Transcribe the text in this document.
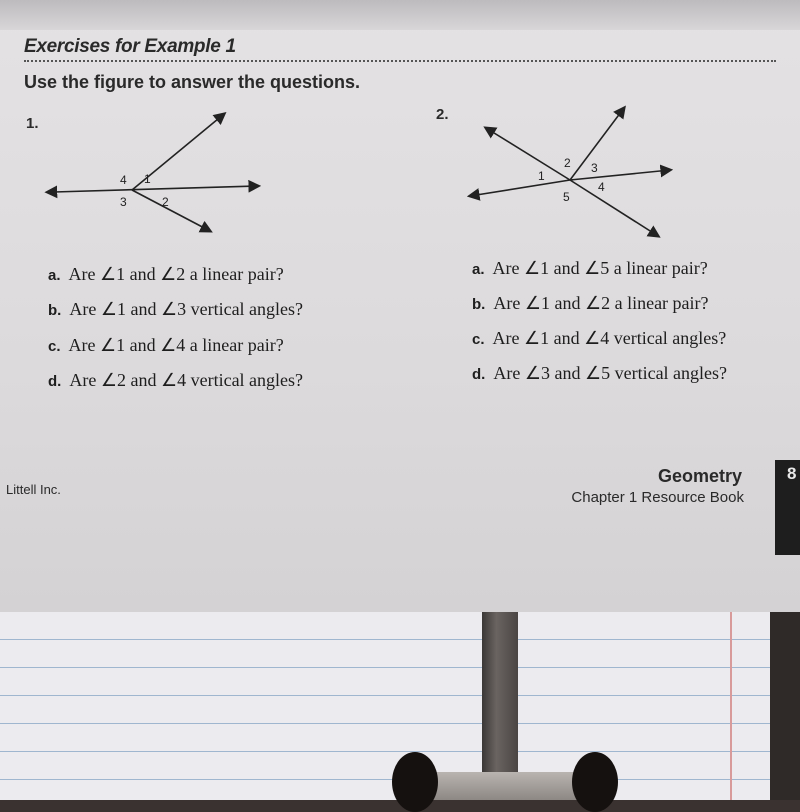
Exercises for Example 1
Use the figure to answer the questions.
1.
4 1
3	2
2.
2 3
1
4
5
a. Are ∠1 and ∠2 a linear pair?
b. Are ∠1 and ∠3 vertical angles?
c. Are ∠1 and ∠4 a linear pair?
d. Are ∠2 and ∠4 vertical angles?
a. Are ∠1 and ∠5 a linear pair?
b. Are ∠1 and ∠2 a linear pair?
c. Are ∠1 and ∠4 vertical angles?
d. Are ∠3 and ∠5 vertical angles?
Littell Inc.
Geometry
Chapter 1 Resource Book
8
